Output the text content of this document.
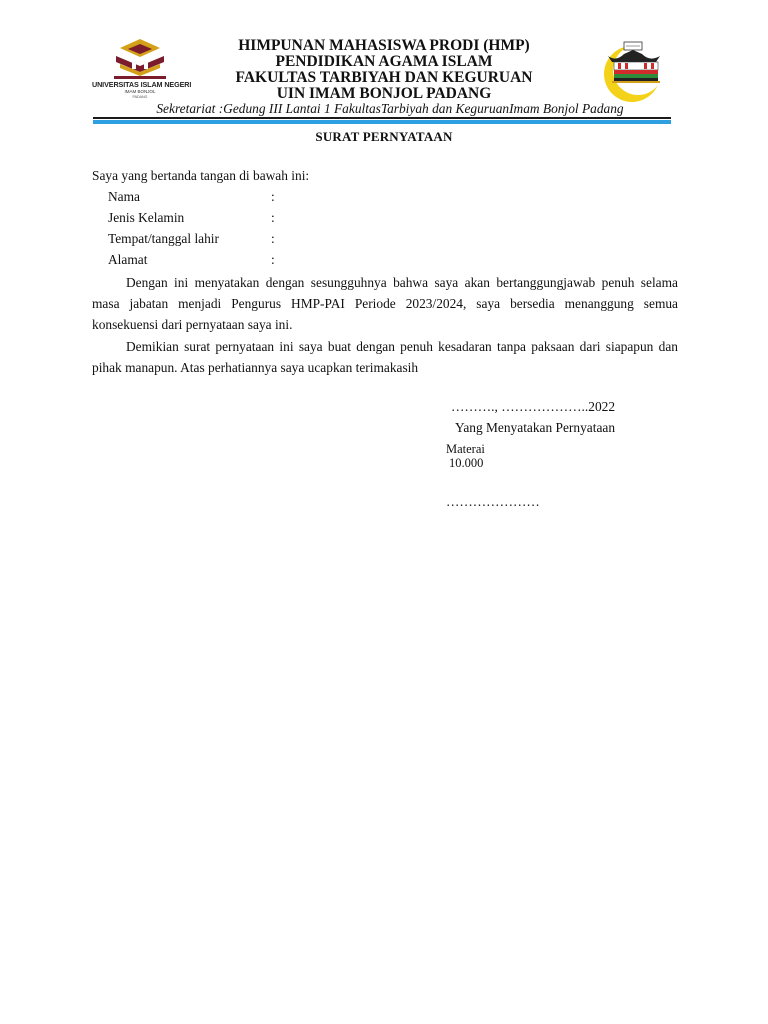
UNIVERSITAS ISLAM NEGERI
IMAM BONJOL
PADANG
HIMPUNAN MAHASISWA PRODI (HMP)
PENDIDIKAN AGAMA ISLAM
FAKULTAS TARBIYAH DAN KEGURUAN
UIN IMAM BONJOL PADANG
Sekretariat :Gedung III Lantai 1 FakultasTarbiyah dan KeguruanImam Bonjol Padang
SURAT PERNYATAAN
Saya yang bertanda tangan di bawah ini:
Nama	:
Jenis Kelamin	:
Tempat/tanggal lahir	:
Alamat	:
Dengan ini menyatakan dengan sesungguhnya bahwa saya akan bertanggungjawab penuh selama masa jabatan menjadi Pengurus HMP-PAI Periode 2023/2024, saya bersedia menanggung semua konsekuensi dari pernyataan saya ini.
Demikian surat pernyataan ini saya buat dengan penuh kesadaran tanpa paksaan dari siapapun dan pihak manapun. Atas perhatiannya saya ucapkan terimakasih
………., ………………..2022
Yang Menyatakan Pernyataan
Materai
10.000
…………………
